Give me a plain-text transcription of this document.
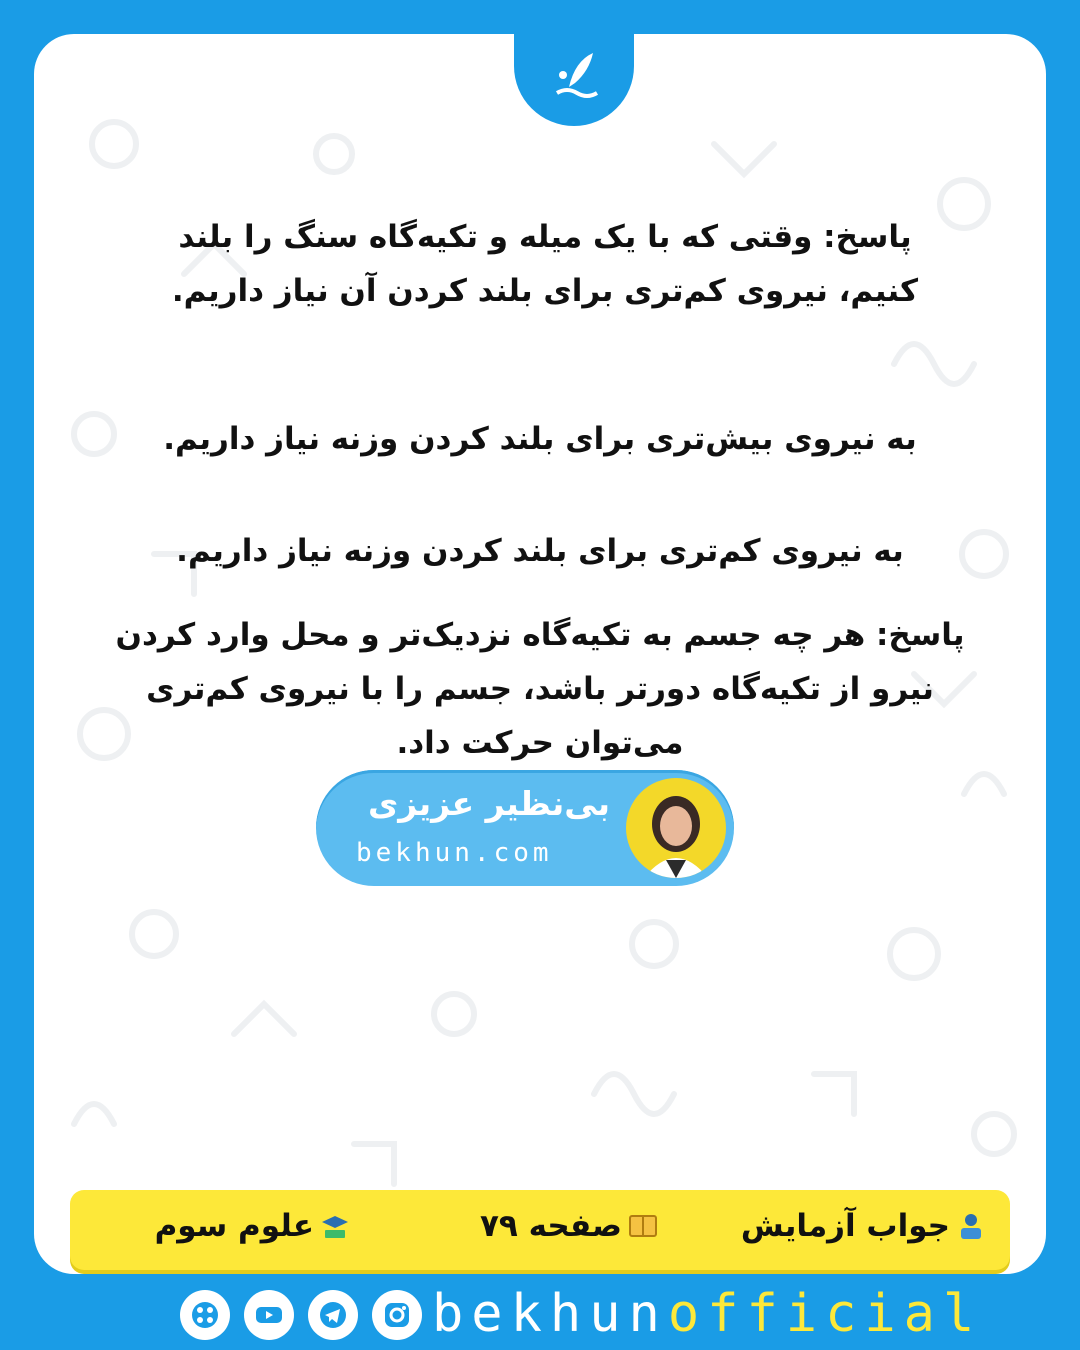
پاسخ: وقتی که با یک میله و تکیه‌گاه سنگ را بلند کنیم، نیروی کم‌تری برای بلند کردن آن نیاز داریم.
به نیروی بیش‌تری برای بلند کردن وزنه نیاز داریم.
به نیروی کم‌تری برای بلند کردن وزنه نیاز داریم.
پاسخ: هر چه جسم به تکیه‌گاه نزدیک‌تر و محل وارد کردن نیرو از تکیه‌گاه دورتر باشد، جسم را با نیروی کم‌تری می‌توان حرکت داد.
بی‌نظیر عزیزی
bekhun.com
جواب آزمایش
صفحه ۷۹
علوم سوم
bekhunofficial
